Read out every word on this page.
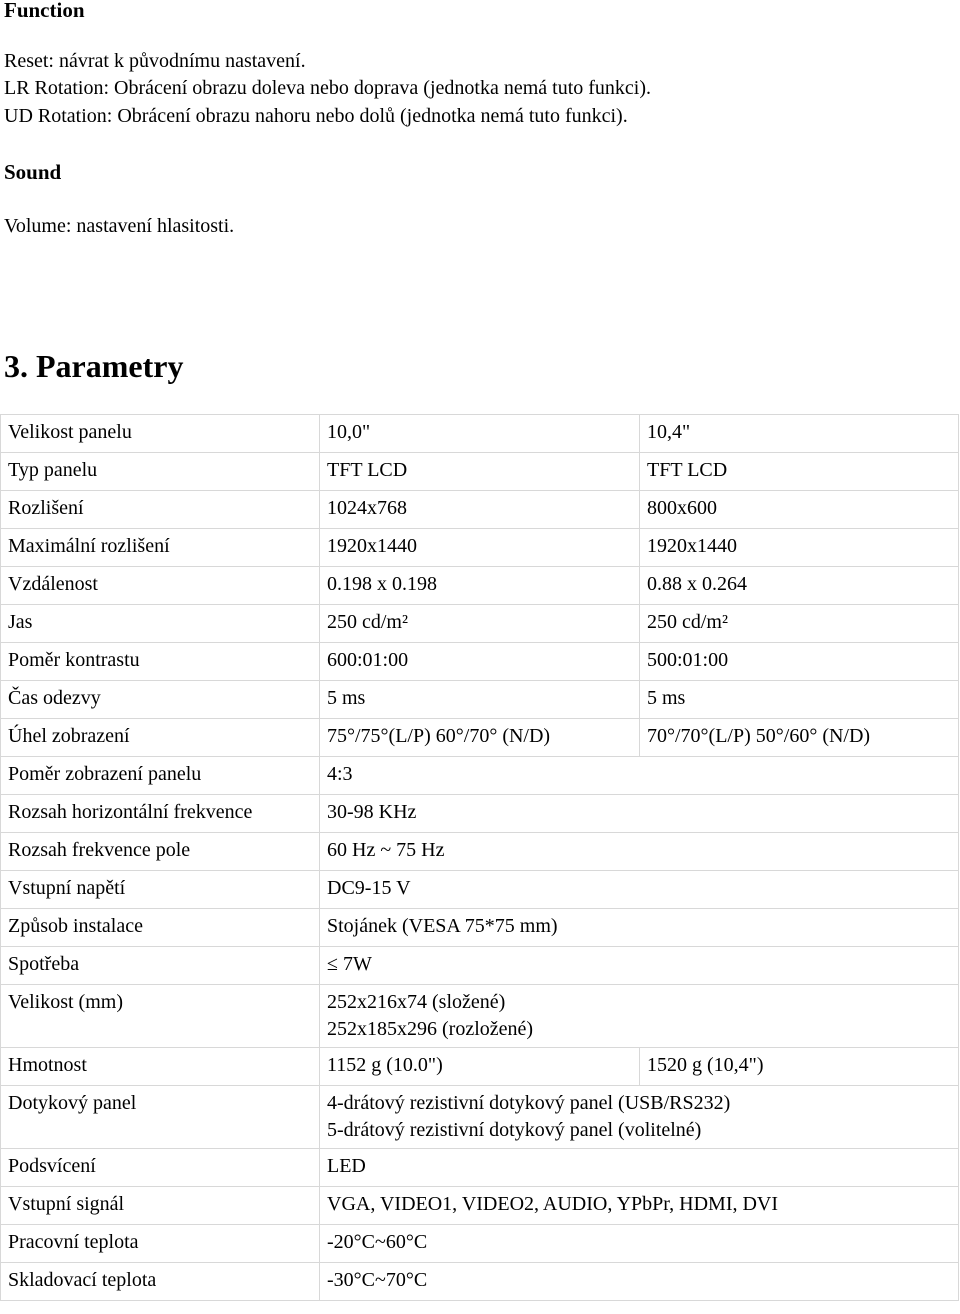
Function
Reset: návrat k původnímu nastavení.
LR Rotation: Obrácení obrazu doleva nebo doprava (jednotka nemá tuto funkci).
UD Rotation: Obrácení obrazu nahoru nebo dolů (jednotka nemá tuto funkci).
Sound
Volume: nastavení hlasitosti.
3. Parametry
Velikost panelu	10,0"	10,4"
Typ panelu	TFT LCD	TFT LCD
Rozlišení	1024x768	800x600
Maximální rozlišení	1920x1440	1920x1440
Vzdálenost	0.198 x 0.198	0.88 x 0.264
Jas	250 cd/m²	250 cd/m²
Poměr kontrastu	600:01:00	500:01:00
Čas odezvy	5 ms	5 ms
Úhel zobrazení	75°/75°(L/P) 60°/70° (N/D)	70°/70°(L/P) 50°/60° (N/D)
Poměr zobrazení panelu	4:3	
Rozsah horizontální frekvence	30-98 KHz	
Rozsah frekvence pole	60 Hz ~ 75 Hz	
Vstupní napětí	DC9-15 V	
Způsob instalace	Stojánek (VESA 75*75 mm)	
Spotřeba	≤ 7W	
Velikost (mm)	252x216x74 (složené)
252x185x296 (rozložené)	

Hmotnost	1152 g (10.0")	1520 g (10,4")
Dotykový panel	4-drátový rezistivní dotykový panel (USB/RS232)
5-drátový rezistivní dotykový panel (volitelné)	

Podsvícení	LED	
Vstupní signál	VGA, VIDEO1, VIDEO2, AUDIO, YPbPr, HDMI, DVI	
Pracovní teplota	-20°C~60°C	
Skladovací teplota	-30°C~70°C	
